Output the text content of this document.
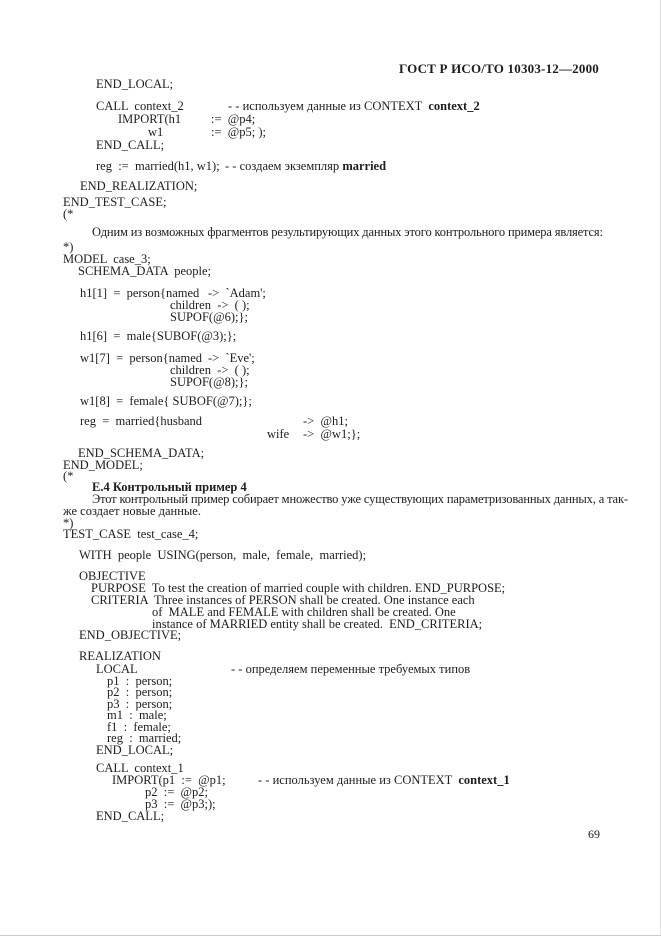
ГОСТ Р ИСО/ТО 10303-12—2000

END_LOCAL;
CALL  context_2	- - используем данные из CONTEXT  context_2
IMPORT(h1 :=  @p4;
w1	:=  @p5; );
END_CALL;
reg  :=  married(h1, w1); - - создаем экземпляр married
END_REALIZATION;
END_TEST_CASE;
(*
Одним из возможных фрагментов результирующих данных этого контрольного примера является:
*)
MODEL  case_3;
SCHEMA_DATA  people;
h1[1]  =  person{named ->  `Adam';
children  ->  ( );
SUPOF(@6);};
h1[6]  =  male{SUBOF(@3);};
w1[7]  =  person{named ->  `Eve';
children  ->  ( );
SUPOF(@8);};
w1[8]  =  female{ SUBOF(@7);};
reg  =  married{husband	->  @h1;
wife ->  @w1;};
END_SCHEMA_DATA;
END_MODEL;
(*
Е.4 Контрольный пример 4
Этот контрольный пример собирает множество уже существующих параметризованных данных, а так-
же создает новые данные.
*)
TEST_CASE  test_case_4;
WITH  people  USING(person,  male,  female,  married);
OBJECTIVE
PURPOSE  To test the creation of married couple with children. END_PURPOSE;
CRITERIA  Three instances of PERSON shall be created. One instance each
of  MALE and FEMALE with children shall be created. One
instance of MARRIED entity shall be created.  END_CRITERIA;
END_OBJECTIVE;
REALIZATION
LOCAL	- - определяем переменные требуемых типов
p1  :  person;
p2  :  person;
p3  :  person;
m1  :  male;
f1  :  female;
reg  :  married;
END_LOCAL;
CALL  context_1
IMPORT(p1  :=  @p1;	- - используем данные из CONTEXT  context_1
p2  :=  @p2;
p3  :=  @p3;);
END_CALL;
69
